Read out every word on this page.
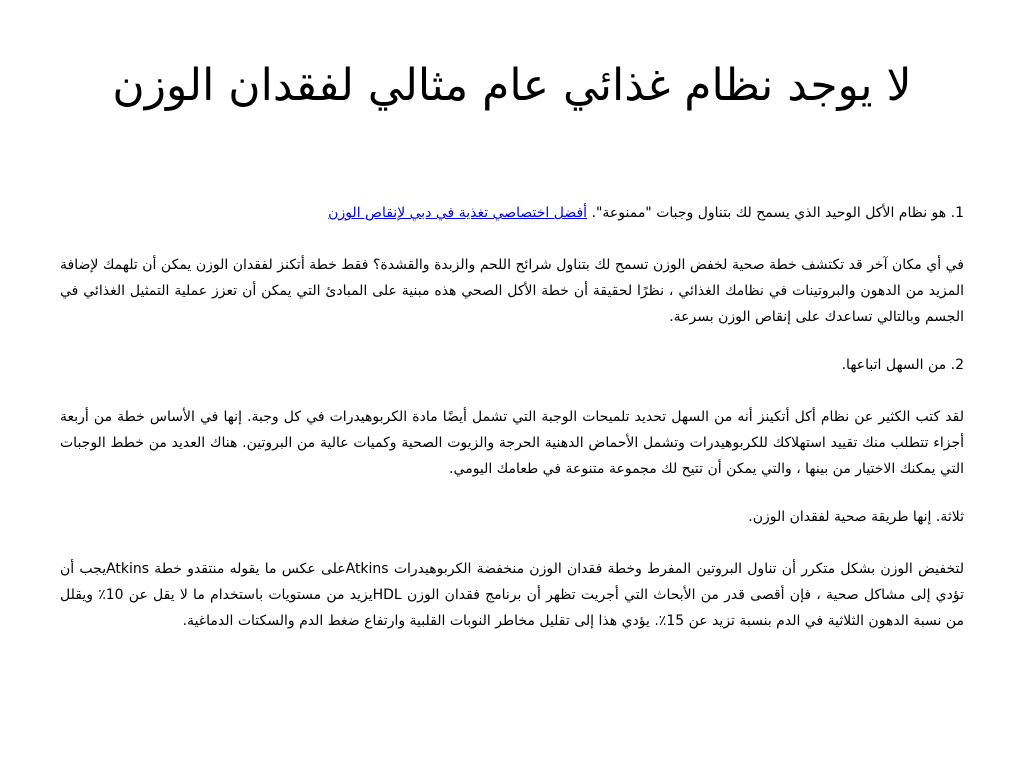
لا يوجد نظام غذائي عام مثالي لفقدان الوزن

1. هو نظام الأكل الوحيد الذي يسمح لك بتناول وجبات "ممنوعة". أفضل اختصاصي تغذية في دبي لإنقاص الوزن

في أي مكان آخر قد تكتشف خطة صحية لخفض الوزن تسمح لك بتناول شرائح اللحم والزبدة والقشدة؟ فقط خطة أتكنز لفقدان الوزن يمكن أن تلهمك لإضافة المزيد من الدهون والبروتينات في نظامك الغذائي ، نظرًا لحقيقة أن خطة الأكل الصحي هذه مبنية على المبادئ التي يمكن أن تعزز عملية التمثيل الغذائي في الجسم وبالتالي تساعدك على إنقاص الوزن بسرعة.

2. من السهل اتباعها.

لقد كتب الكثير عن نظام أكل أتكينز أنه من السهل تحديد تلميحات الوجبة التي تشمل أيضًا مادة الكربوهيدرات في كل وجبة. إنها في الأساس خطة من أربعة أجزاء تتطلب منك تقييد استهلاكك للكربوهيدرات وتشمل الأحماض الدهنية الحرجة والزيوت الصحية وكميات عالية من البروتين. هناك العديد من خطط الوجبات التي يمكنك الاختيار من بينها ، والتي يمكن أن تتيح لك مجموعة متنوعة في طعامك اليومي.

ثلاثة. إنها طريقة صحية لفقدان الوزن.

لتخفيض الوزن بشكل متكرر أن تناول البروتين المفرط وخطة فقدان الوزن منخفضة الكربوهيدرات Atkinsعلى عكس ما يقوله منتقدو خطة Atkinsيجب أن تؤدي إلى مشاكل صحية ، فإن أقصى قدر من الأبحاث التي أجريت تظهر أن برنامج فقدان الوزن HDLيزيد من مستويات باستخدام ما لا يقل عن 10٪ ويقلل من نسبة الدهون الثلاثية في الدم بنسبة تزيد عن 15٪. يؤدي هذا إلى تقليل مخاطر النوبات القلبية وارتفاع ضغط الدم والسكتات الدماغية.
